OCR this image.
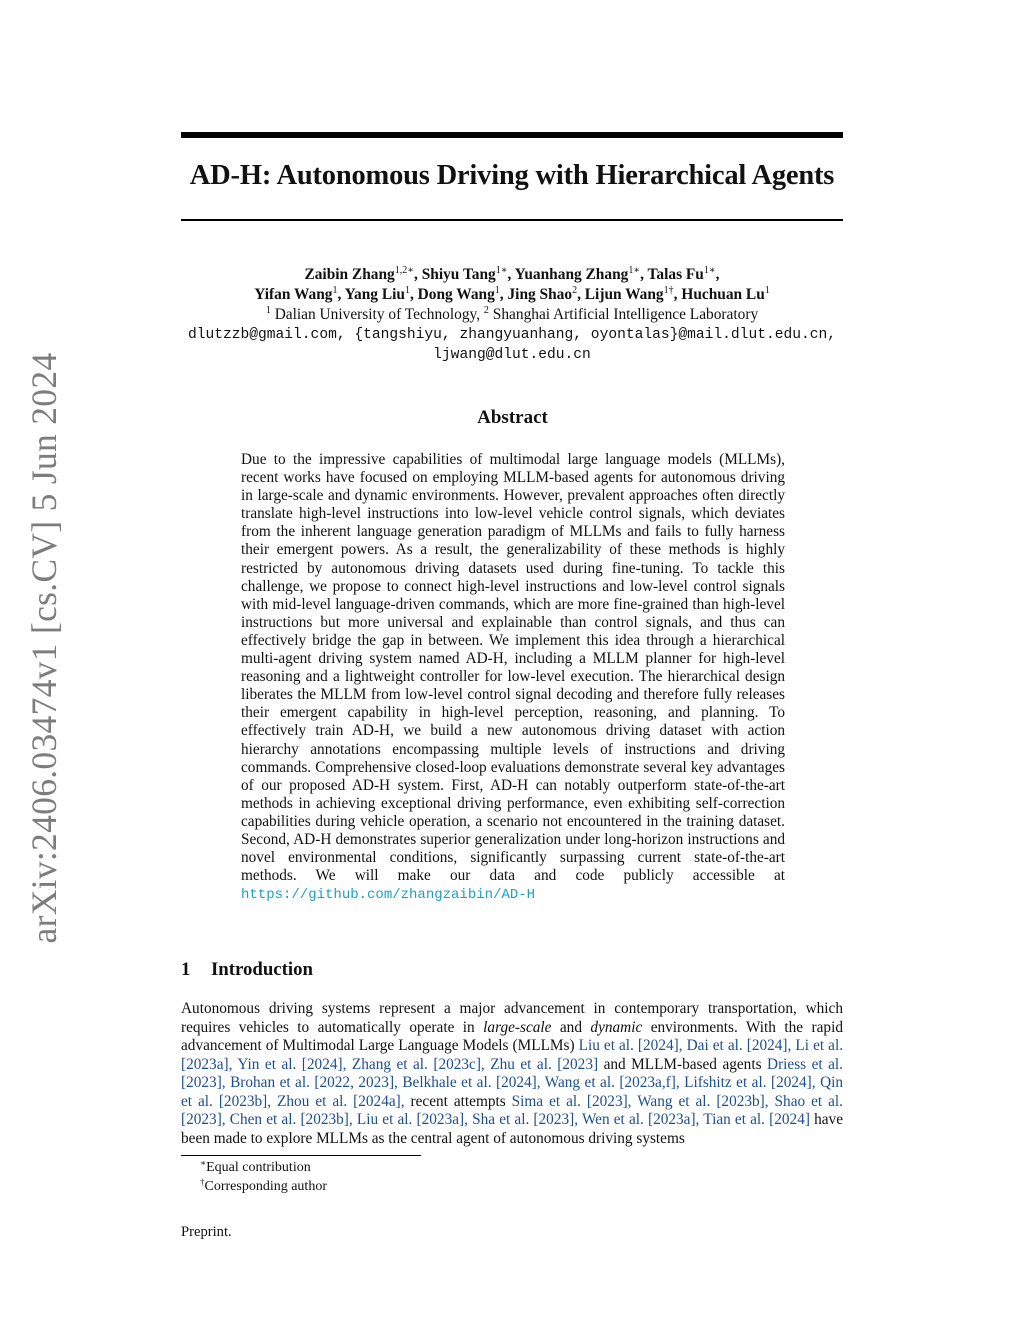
arXiv:2406.03474v1 [cs.CV] 5 Jun 2024
AD-H: Autonomous Driving with Hierarchical Agents
Zaibin Zhang$^{1,2∗}$, Shiyu Tang$^{1∗}$, Yuanhang Zhang$^{1∗}$, Talas $Fu^{1∗}$,
Yifan Wang$^1$, Yang Liu$^1$, Dong Wang$^1$, Jing Shao$^2$, Lijun Wang$^{1\dagger}$, Huchuan Lu$^1$
$^1$ Dalian University of Technology, $^2$ Shanghai Artificial Intelligence Laboratory
dlutzzb@gmail.com, {tangshiyu, zhangyuanhang, oyontalas}@mail.dlut.edu.cn,
ljwang@dlut.edu.cn
Abstract
Due to the impressive capabilities of multimodal large language models (MLLMs), recent works have focused on employing MLLM-based agents for autonomous driving in large-scale and dynamic environments. However, prevalent approaches often directly translate high-level instructions into low-level vehicle control signals, which deviates from the inherent language generation paradigm of MLLMs and fails to fully harness their emergent powers. As a result, the generalizability of these methods is highly restricted by autonomous driving datasets used during fine-tuning. To tackle this challenge, we propose to connect high-level instructions and low-level control signals with mid-level language-driven commands, which are more fine-grained than high-level instructions but more universal and explainable than control signals, and thus can effectively bridge the gap in between. We implement this idea through a hierarchical multi-agent driving system named AD-H, including a MLLM planner for high-level reasoning and a lightweight controller for low-level execution. The hierarchical design liberates the MLLM from low-level control signal decoding and therefore fully releases their emergent capability in high-level perception, reasoning, and planning. To effectively train AD-H, we build a new autonomous driving dataset with action hierarchy annotations encompassing multiple levels of instructions and driving commands. Comprehensive closed-loop evaluations demonstrate several key advantages of our proposed AD-H system. First, AD-H can notably outperform state-of-the-art methods in achieving exceptional driving performance, even exhibiting self-correction capabilities during vehicle operation, a scenario not encountered in the training dataset. Second, AD-H demonstrates superior generalization under long-horizon instructions and novel environmental conditions, significantly surpassing current state-of-the-art methods. We will make our data and code publicly accessible at https://github.com/zhangzaibin/AD-H
1 Introduction
Autonomous driving systems represent a major advancement in contemporary transportation, which requires vehicles to automatically operate in large-scale and dynamic environments. With the rapid advancement of Multimodal Large Language Models (MLLMs) Liu et al. [2024], Dai et al. [2024], Li et al. [2023a], Yin et al. [2024], Zhang et al. [2023c], Zhu et al. [2023] and MLLM-based agents Driess et al. [2023], Brohan et al. [2022, 2023], Belkhale et al. [2024], Wang et al. [2023a,f], Lifshitz et al. [2024], Qin et al. [2023b], Zhou et al. [2024a], recent attempts Sima et al. [2023], Wang et al. [2023b], Shao et al. [2023], Chen et al. [2023b], Liu et al. [2023a], Sha et al. [2023], Wen et al. [2023a], Tian et al. [2024] have been made to explore MLLMs as the central agent of autonomous driving systems
∗Equal contribution
†Corresponding author
Preprint.
